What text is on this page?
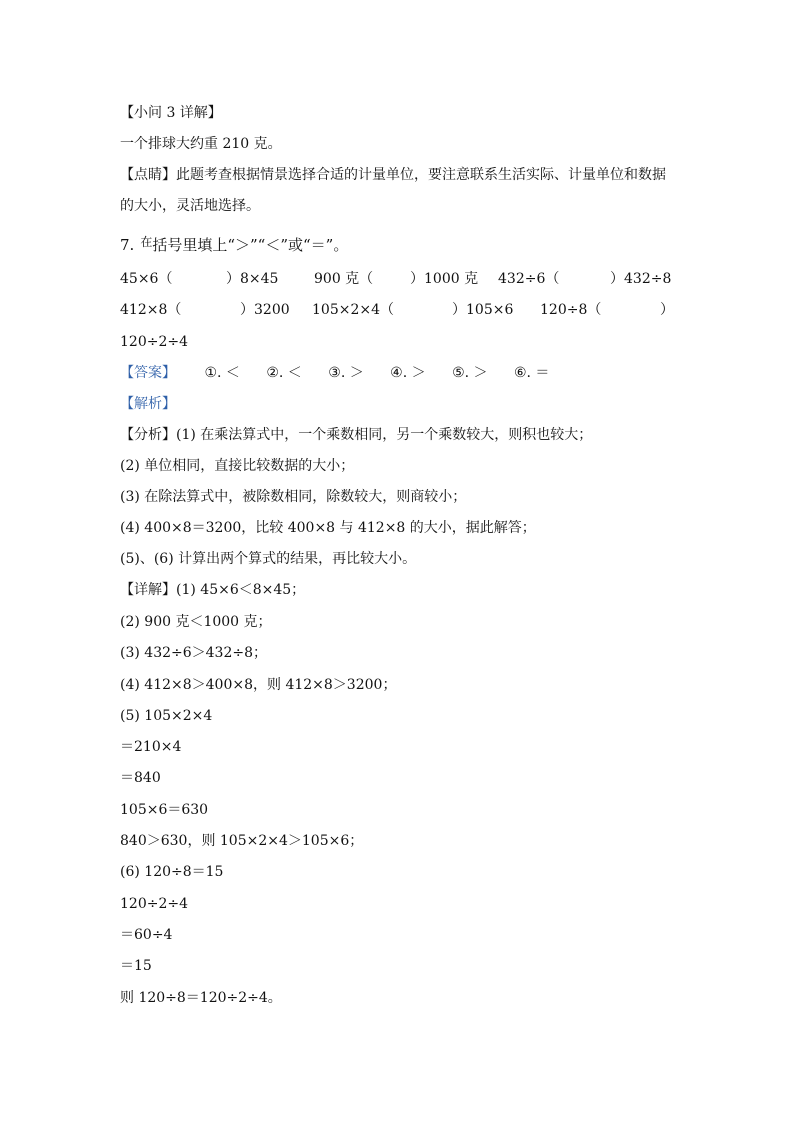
【小问 3 详解】
一个排球大约重 210 克。
【点睛】此题考查根据情景选择合适的计量单位，要注意联系生活实际、计量单位和数据
的大小，灵活地选择。
7. $^在$括号里填上“＞”“＜”或“＝”。
45×6（	）8×45	900 克（	）1000 克 432÷6（	）432÷8
412×8（	）3200 105×2×4（	）105×6 120÷8（	）
120÷2÷4
【答案】 ①. ＜ ②. ＜ ③. ＞ ④. ＞ ⑤. ＞ ⑥. ＝
【解析】
【分析】(1) 在乘法算式中，一个乘数相同，另一个乘数较大，则积也较大；
(2) 单位相同，直接比较数据的大小；
(3) 在除法算式中，被除数相同，除数较大，则商较小；
(4) 400×8＝3200，比较 400×8 与 412×8 的大小，据此解答；
(5)、(6) 计算出两个算式的结果，再比较大小。
【详解】(1) 45×6＜8×45；
(2) 900 克＜1000 克；
(3) 432÷6＞432÷8；
(4) 412×8＞400×8，则 412×8＞3200；
(5) 105×2×4
＝210×4
＝840
105×6＝630
840＞630，则 105×2×4＞105×6；
(6) 120÷8＝15
120÷2÷4
＝60÷4
＝15
则 120÷8＝120÷2÷4。
